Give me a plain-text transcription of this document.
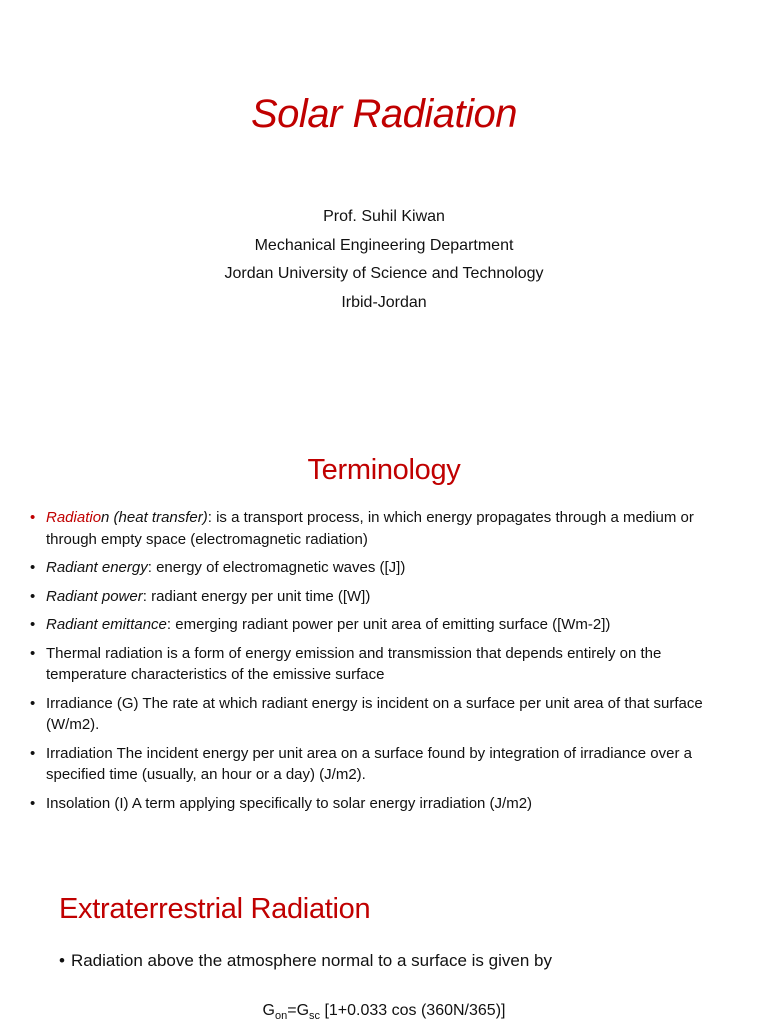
Solar Radiation
Prof. Suhil Kiwan
Mechanical Engineering Department
Jordan University of Science and Technology
Irbid-Jordan
Terminology
• Radiation (heat transfer): is a transport process, in which energy propagates through a medium or through empty space (electromagnetic radiation)
• Radiant energy: energy of electromagnetic waves ([J])
• Radiant power: radiant energy per unit time ([W])
• Radiant emittance: emerging radiant power per unit area of emitting surface ([Wm-2])
• Thermal radiation is a form of energy emission and transmission that depends entirely on the temperature characteristics of the emissive surface
• Irradiance (G) The rate at which radiant energy is incident on a surface per unit area of that surface (W/m2).
• Irradiation The incident energy per unit area on a surface found by integration of irradiance over a specified time (usually, an hour or a day) (J/m2).
• Insolation (I) A term applying specifically to solar energy irradiation (J/m2)
Extraterrestrial Radiation
• Radiation above the atmosphere normal to a surface is given by
$G_{on}=G_{sc}$ [1+0.033 cos (360N/365)]
